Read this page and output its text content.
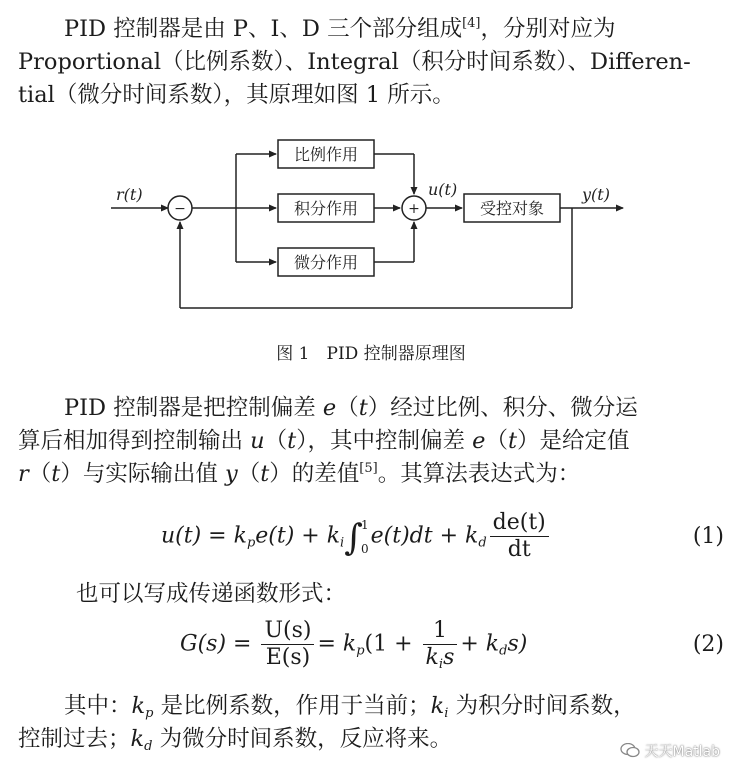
PID 控制器是由 P、I、D 三个部分组成[4]，分别对应为
Proportional（比例系数）、Integral（积分时间系数）、Differen-
tial（微分时间系数），其原理如图 1 所示。
r(t)
−	+
比例作用
积分作用
微分作用
u(t)
受控对象
y(t)
图 1　PID 控制器原理图
PID 控制器是把控制偏差 e（t）经过比例、积分、微分运
算后相加得到控制输出 u（t），其中控制偏差 e（t）是给定值
r（t）与实际输出值 y（t）的差值[5]。其算法表达式为：
$u(t) = k_pe(t) + k_i\int$
1
0 $e(t)dt + k_d \frac{de(t)}{dt}$	(1)
也可以写成传递函数形式：
$G(s) = \frac{U(s)}{E(s)} = k_p(1 + \frac{1}{k_is} + k_ds)$	(2)
其中：$k_p$ 是比例系数，作用于当前；$k_i$ 为积分时间系数，
控制过去；$k_d$ 为微分时间系数，反应将来。	天天Matlab
